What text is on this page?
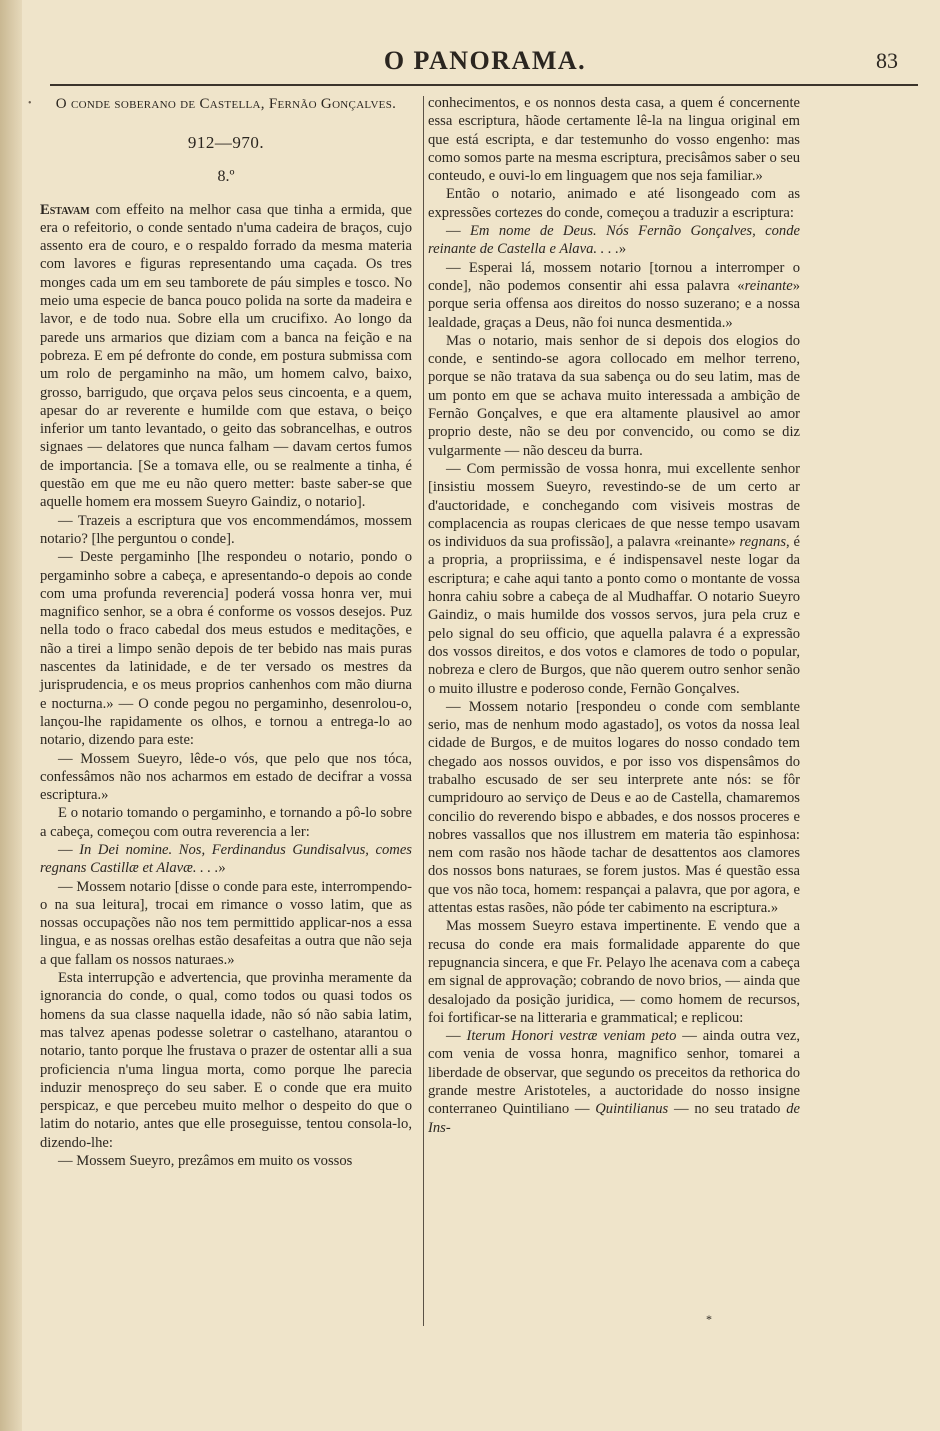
•
O PANORAMA.	83
O conde soberano de Castella, Fernão Gonçalves.
912—970.
8.º

Estavam com effeito na melhor casa que tinha a ermida, que era o refeitorio, o conde sentado n'uma cadeira de braços, cujo assento era de couro, e o respaldo forrado da mesma materia com lavores e figuras representando uma caçada. Os tres monges cada um em seu tamborete de páu simples e tosco. No meio uma especie de banca pouco polida na sorte da madeira e lavor, e de todo nua. Sobre ella um crucifixo. Ao longo da parede uns armarios que diziam com a banca na feição e na pobreza. E em pé defronte do conde, em postura submissa com um rolo de pergaminho na mão, um homem calvo, baixo, grosso, barrigudo, que orçava pelos seus cincoenta, e a quem, apesar do ar reverente e humilde com que estava, o beiço inferior um tanto levantado, o geito das sobrancelhas, e outros signaes — delatores que nunca falham — davam certos fumos de importancia. [Se a tomava elle, ou se realmente a tinha, é questão em que me eu não quero metter: baste saber-se que aquelle homem era mossem Sueyro Gaindiz, o notario].

— Trazeis a escriptura que vos encommendámos, mossem notario? [lhe perguntou o conde].

— Deste pergaminho [lhe respondeu o notario, pondo o pergaminho sobre a cabeça, e apresentando-o depois ao conde com uma profunda reverencia] poderá vossa honra ver, mui magnifico senhor, se a obra é conforme os vossos desejos. Puz nella todo o fraco cabedal dos meus estudos e meditações, e não a tirei a limpo senão depois de ter bebido nas mais puras nascentes da latinidade, e de ter versado os mestres da jurisprudencia, e os meus proprios canhenhos com mão diurna e nocturna.» — O conde pegou no pergaminho, desenrolou-o, lançou-lhe rapidamente os olhos, e tornou a entrega-lo ao notario, dizendo para este:

— Mossem Sueyro, lêde-o vós, que pelo que nos tóca, confessâmos não nos acharmos em estado de decifrar a vossa escriptura.»

E o notario tomando o pergaminho, e tornando a pô-lo sobre a cabeça, começou com outra reverencia a ler:

— In Dei nomine. Nos, Ferdinandus Gundisalvus, comes regnans Castillæ et Alavæ. . . .»

— Mossem notario [disse o conde para este, interrompendo-o na sua leitura], trocai em rimance o vosso latim, que as nossas occupações não nos tem permittido applicar-nos a essa lingua, e as nossas orelhas estão desafeitas a outra que não seja a que fallam os nossos naturaes.»

Esta interrupção e advertencia, que provinha meramente da ignorancia do conde, o qual, como todos ou quasi todos os homens da sua classe naquella idade, não só não sabia latim, mas talvez apenas podesse soletrar o castelhano, atarantou o notario, tanto porque lhe frustava o prazer de ostentar alli a sua proficiencia n'uma lingua morta, como porque lhe parecia induzir menospreço do seu saber. E o conde que era muito perspicaz, e que percebeu muito melhor o despeito do que o latim do notario, antes que elle proseguisse, tentou consola-lo, dizendo-lhe:

— Mossem Sueyro, prezâmos em muito os vossos

conhecimentos, e os nonnos desta casa, a quem é concernente essa escriptura, hãode certamente lê-la na lingua original em que está escripta, e dar testemunho do vosso engenho: mas como somos parte na mesma escriptura, precisâmos saber o seu conteudo, e ouvi-lo em linguagem que nos seja familiar.»

Então o notario, animado e até lisongeado com as expressões cortezes do conde, começou a traduzir a escriptura:

— Em nome de Deus. Nós Fernão Gonçalves, conde reinante de Castella e Alava. . . .»

— Esperai lá, mossem notario [tornou a interromper o conde], não podemos consentir ahi essa palavra «reinante» porque seria offensa aos direitos do nosso suzerano; e a nossa lealdade, graças a Deus, não foi nunca desmentida.»

Mas o notario, mais senhor de si depois dos elogios do conde, e sentindo-se agora collocado em melhor terreno, porque se não tratava da sua sabença ou do seu latim, mas de um ponto em que se achava muito interessada a ambição de Fernão Gonçalves, e que era altamente plausivel ao amor proprio deste, não se deu por convencido, ou como se diz vulgarmente — não desceu da burra.

— Com permissão de vossa honra, mui excellente senhor [insistiu mossem Sueyro, revestindo-se de um certo ar d'auctoridade, e conchegando com visiveis mostras de complacencia as roupas clericaes de que nesse tempo usavam os individuos da sua profissão], a palavra «reinante» regnans, é a propria, a propriissima, e é indispensavel neste logar da escriptura; e cahe aqui tanto a ponto como o montante de vossa honra cahiu sobre a cabeça de al Mudhaffar. O notario Sueyro Gaindiz, o mais humilde dos vossos servos, jura pela cruz e pelo signal do seu officio, que aquella palavra é a expressão dos vossos direitos, e dos votos e clamores de todo o popular, nobreza e clero de Burgos, que não querem outro senhor senão o muito illustre e poderoso conde, Fernão Gonçalves.

— Mossem notario [respondeu o conde com semblante serio, mas de nenhum modo agastado], os votos da nossa leal cidade de Burgos, e de muitos logares do nosso condado tem chegado aos nossos ouvidos, e por isso vos dispensâmos do trabalho escusado de ser seu interprete ante nós: se fôr cumpridouro ao serviço de Deus e ao de Castella, chamaremos concilio do reverendo bispo e abbades, e dos nossos proceres e nobres vassallos que nos illustrem em materia tão espinhosa: nem com rasão nos hãode tachar de desattentos aos clamores dos nossos bons naturaes, se forem justos. Mas é questão essa que vos não toca, homem: respançai a palavra, que por agora, e attentas estas rasões, não póde ter cabimento na escriptura.»

Mas mossem Sueyro estava impertinente. E vendo que a recusa do conde era mais formalidade apparente do que repugnancia sincera, e que Fr. Pelayo lhe acenava com a cabeça em signal de approvação; cobrando de novo brios, — ainda que desalojado da posição juridica, — como homem de recursos, foi fortificar-se na litteraria e grammatical; e replicou:

— Iterum Honori vestræ veniam peto — ainda outra vez, com venia de vossa honra, magnifico senhor, tomarei a liberdade de observar, que segundo os preceitos da rethorica do grande mestre Aristoteles, a auctoridade do nosso insigne conterraneo Quintiliano — Quintilianus — no seu tratado de Ins-

*
